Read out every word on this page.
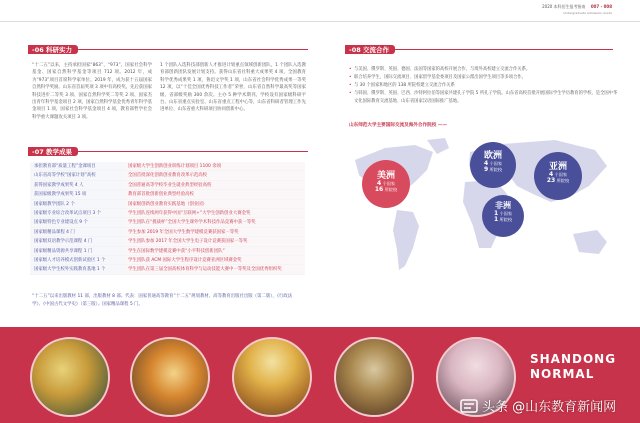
2020 本科招生报考指南 007 - 008
Undergraduate Admission Guide
-06 科研实力

“十二五”以来，主持承担国家“863”、“973”、国家社会科学基金、国家自然科学基金等项目 712 项。2012 年，成为“973”项目首席科学家单位。2019 年，成为获十五届国家自然科学奖励。山东省首届奖项 3 项中有高校奖。先后获国家科技进步二等奖 3 项、国家自然科学奖二等奖 2 项、国家杰出青年科学基金项目 2 项，国家自然科学基金优秀青年科学基金项目 1 项，国家社会科学基金项目 4 项，教育部哲学社会科学重大课题攻关项目 3 项。

1 个团队入选科技部创新人才推进计划重点领域创新团队，1 个团队入选教育部创新团队发展计划支持。获得山东省社科重大成果奖 4 项，全国教育科学优秀成果奖 1 项，鲁迅文学奖 1 项，山东省社会科学优秀成果一等奖 12 项，以“十佳全国优秀科技工作者”荣誉，山东省自然科学最高奖等国家级、省部级奖励 300 余次。主办 5 种学术期刊。学校设有国家级科研平台、山东省重点实验室、山东省重点工程中心等，山东省科研者管理工作先进单位、山东省重大科研项目协同创新中心。

-07 教学成果
承担教育部“质量工程”金课项目	国家级大学生创新创业训练计划项目 1100 余项
山东省高等学校“国家计划”高校	全国首批深化创新创业教育改革示范高校
获得国家教学成果奖 4 人	全国普通高等学校毕业生就业典型经验高校
获国家级教学成果奖 15 项	教育部首批创新创业典型经验高校
国家级教学团队 2 个	国家级创新创业教育实践基地（创业园）
国家级专业综合改革试点项目 3 个	学生团队连续两年获得中国“互联网+”大学生创新创业大赛金奖
国家级特色专业建设点 9 个	学生团队在“挑战杯”全国大学生课外学术科技作品竞赛中获一等奖
国家级精品课程 4 门	学生参加 2019 年全国大学生数学建模竞赛获国家一等奖
国家级双语教学示范课程 4 门	学生团队参加 2017 年全国大学生电子设计竞赛获国家一等奖
国家级精品资源共享课程 1 门	学生在国际数学建模竞赛中获“小平科技创新团队”
国家级人才培养模式创新试验区 1 个	学生团队获 ACM 国际大学生程序设计竞赛亚洲区域赛金奖
国家级大学生校外实践教育基地 1 个	学生团队在第三届全国高校体育科学与运动技能大赛中一等奖及全国优秀组织奖

“十二五”以来出版教材 11 部，出版教材 8 部。代表：国家普通高等教育“十二五”规划教材、高等教育出版社出版（第二版），《行政法学》、《中国古代文学史》（第三版）。国家精品课程 5 门。

-08 交流合作
• 与美国、俄罗斯、英国、德国、法国等国家的高校开展合作，与境外高校建立交流合作关系。
• 联合培养学生、国际交流项目、国家留学基金委项目及国家公派出国学生项目等多项合作。
• 与 30 个国家和地区的 138 所院校建立交流合作关系
• 与韩国、俄罗斯、英国、巴西、沙特阿拉伯等国家共建孔子学院 5 所孔子学院。山东省高校首批开展国际学生学历教育的学校，是全国中华文化国际教育交流基地、山东省国家汉语国际推广基地。
山东师范大学主要国际交流及海外合作院校 ——
美洲
4 个国家
16 所院校
欧洲
4 个国家
9 所院校	亚洲
4 个国家
23 所院校
非洲
1 个国家
1 所院校
SHANDONG
NORMAL
头条 @山东教育新闻网
